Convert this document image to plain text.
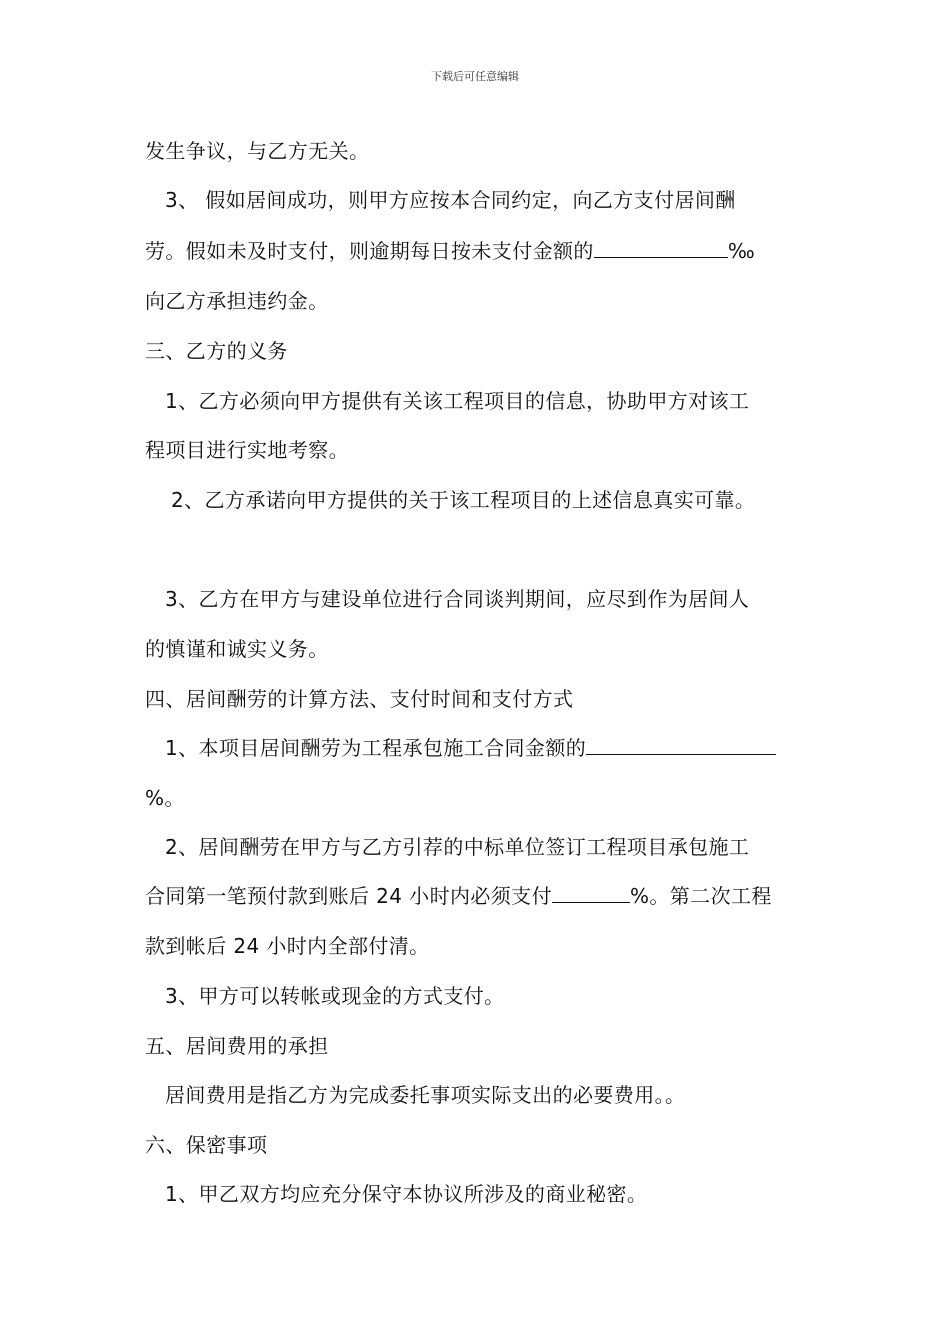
下载后可任意编辑
发生争议，与乙方无关。
3、 假如居间成功，则甲方应按本合同约定，向乙方支付居间酬
劳。假如未及时支付，则逾期每日按未支付金额的	‰
向乙方承担违约金。
三、乙方的义务
1、乙方必须向甲方提供有关该工程项目的信息，协助甲方对该工
程项目进行实地考察。
2、乙方承诺向甲方提供的关于该工程项目的上述信息真实可靠。
3、乙方在甲方与建设单位进行合同谈判期间，应尽到作为居间人
的慎谨和诚实义务。
四、居间酬劳的计算方法、支付时间和支付方式
1、本项目居间酬劳为工程承包施工合同金额的
%。
2、居间酬劳在甲方与乙方引荐的中标单位签订工程项目承包施工
合同第一笔预付款到账后 24 小时内必须支付	%。第二次工程
款到帐后 24 小时内全部付清。
3、甲方可以转帐或现金的方式支付。
五、居间费用的承担
居间费用是指乙方为完成委托事项实际支出的必要费用。。
六、保密事项
1、甲乙双方均应充分保守本协议所涉及的商业秘密。
